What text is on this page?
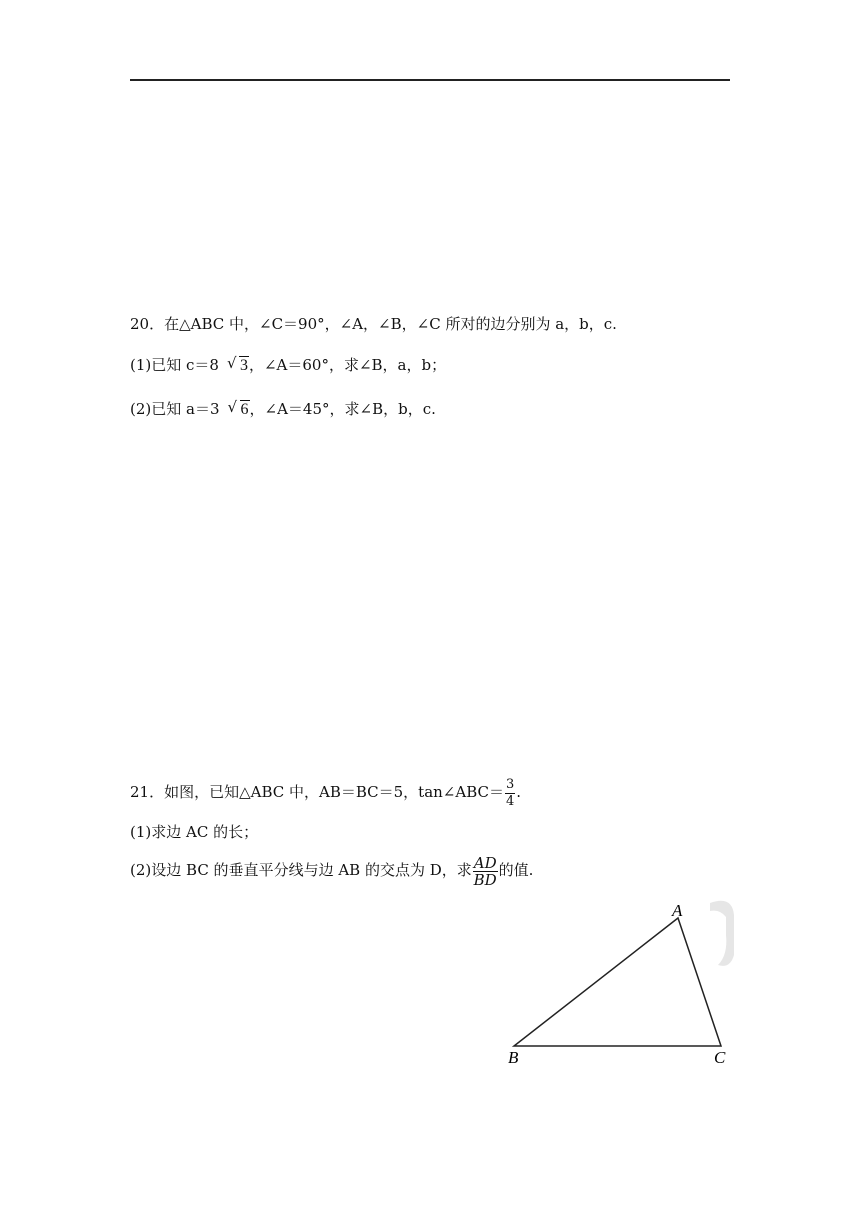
20．在△ABC 中，∠C＝90°，∠A，∠B，∠C 所对的边分别为 a，b，c.
(1)已知 c＝8 √ 3，∠A＝60°，求∠B，a，b；
(2)已知 a＝3 √ 6，∠A＝45°，求∠B，b，c.
21．如图，已知△ABC 中，AB＝BC＝5，tan∠ABC＝ $\frac{3}{4}$ .
(1)求边 AC 的长；
(2)设边 BC 的垂直平分线与边 AB 的交点为 D，求 $\frac{AD}{BD}$ 的值.
A
B	C
